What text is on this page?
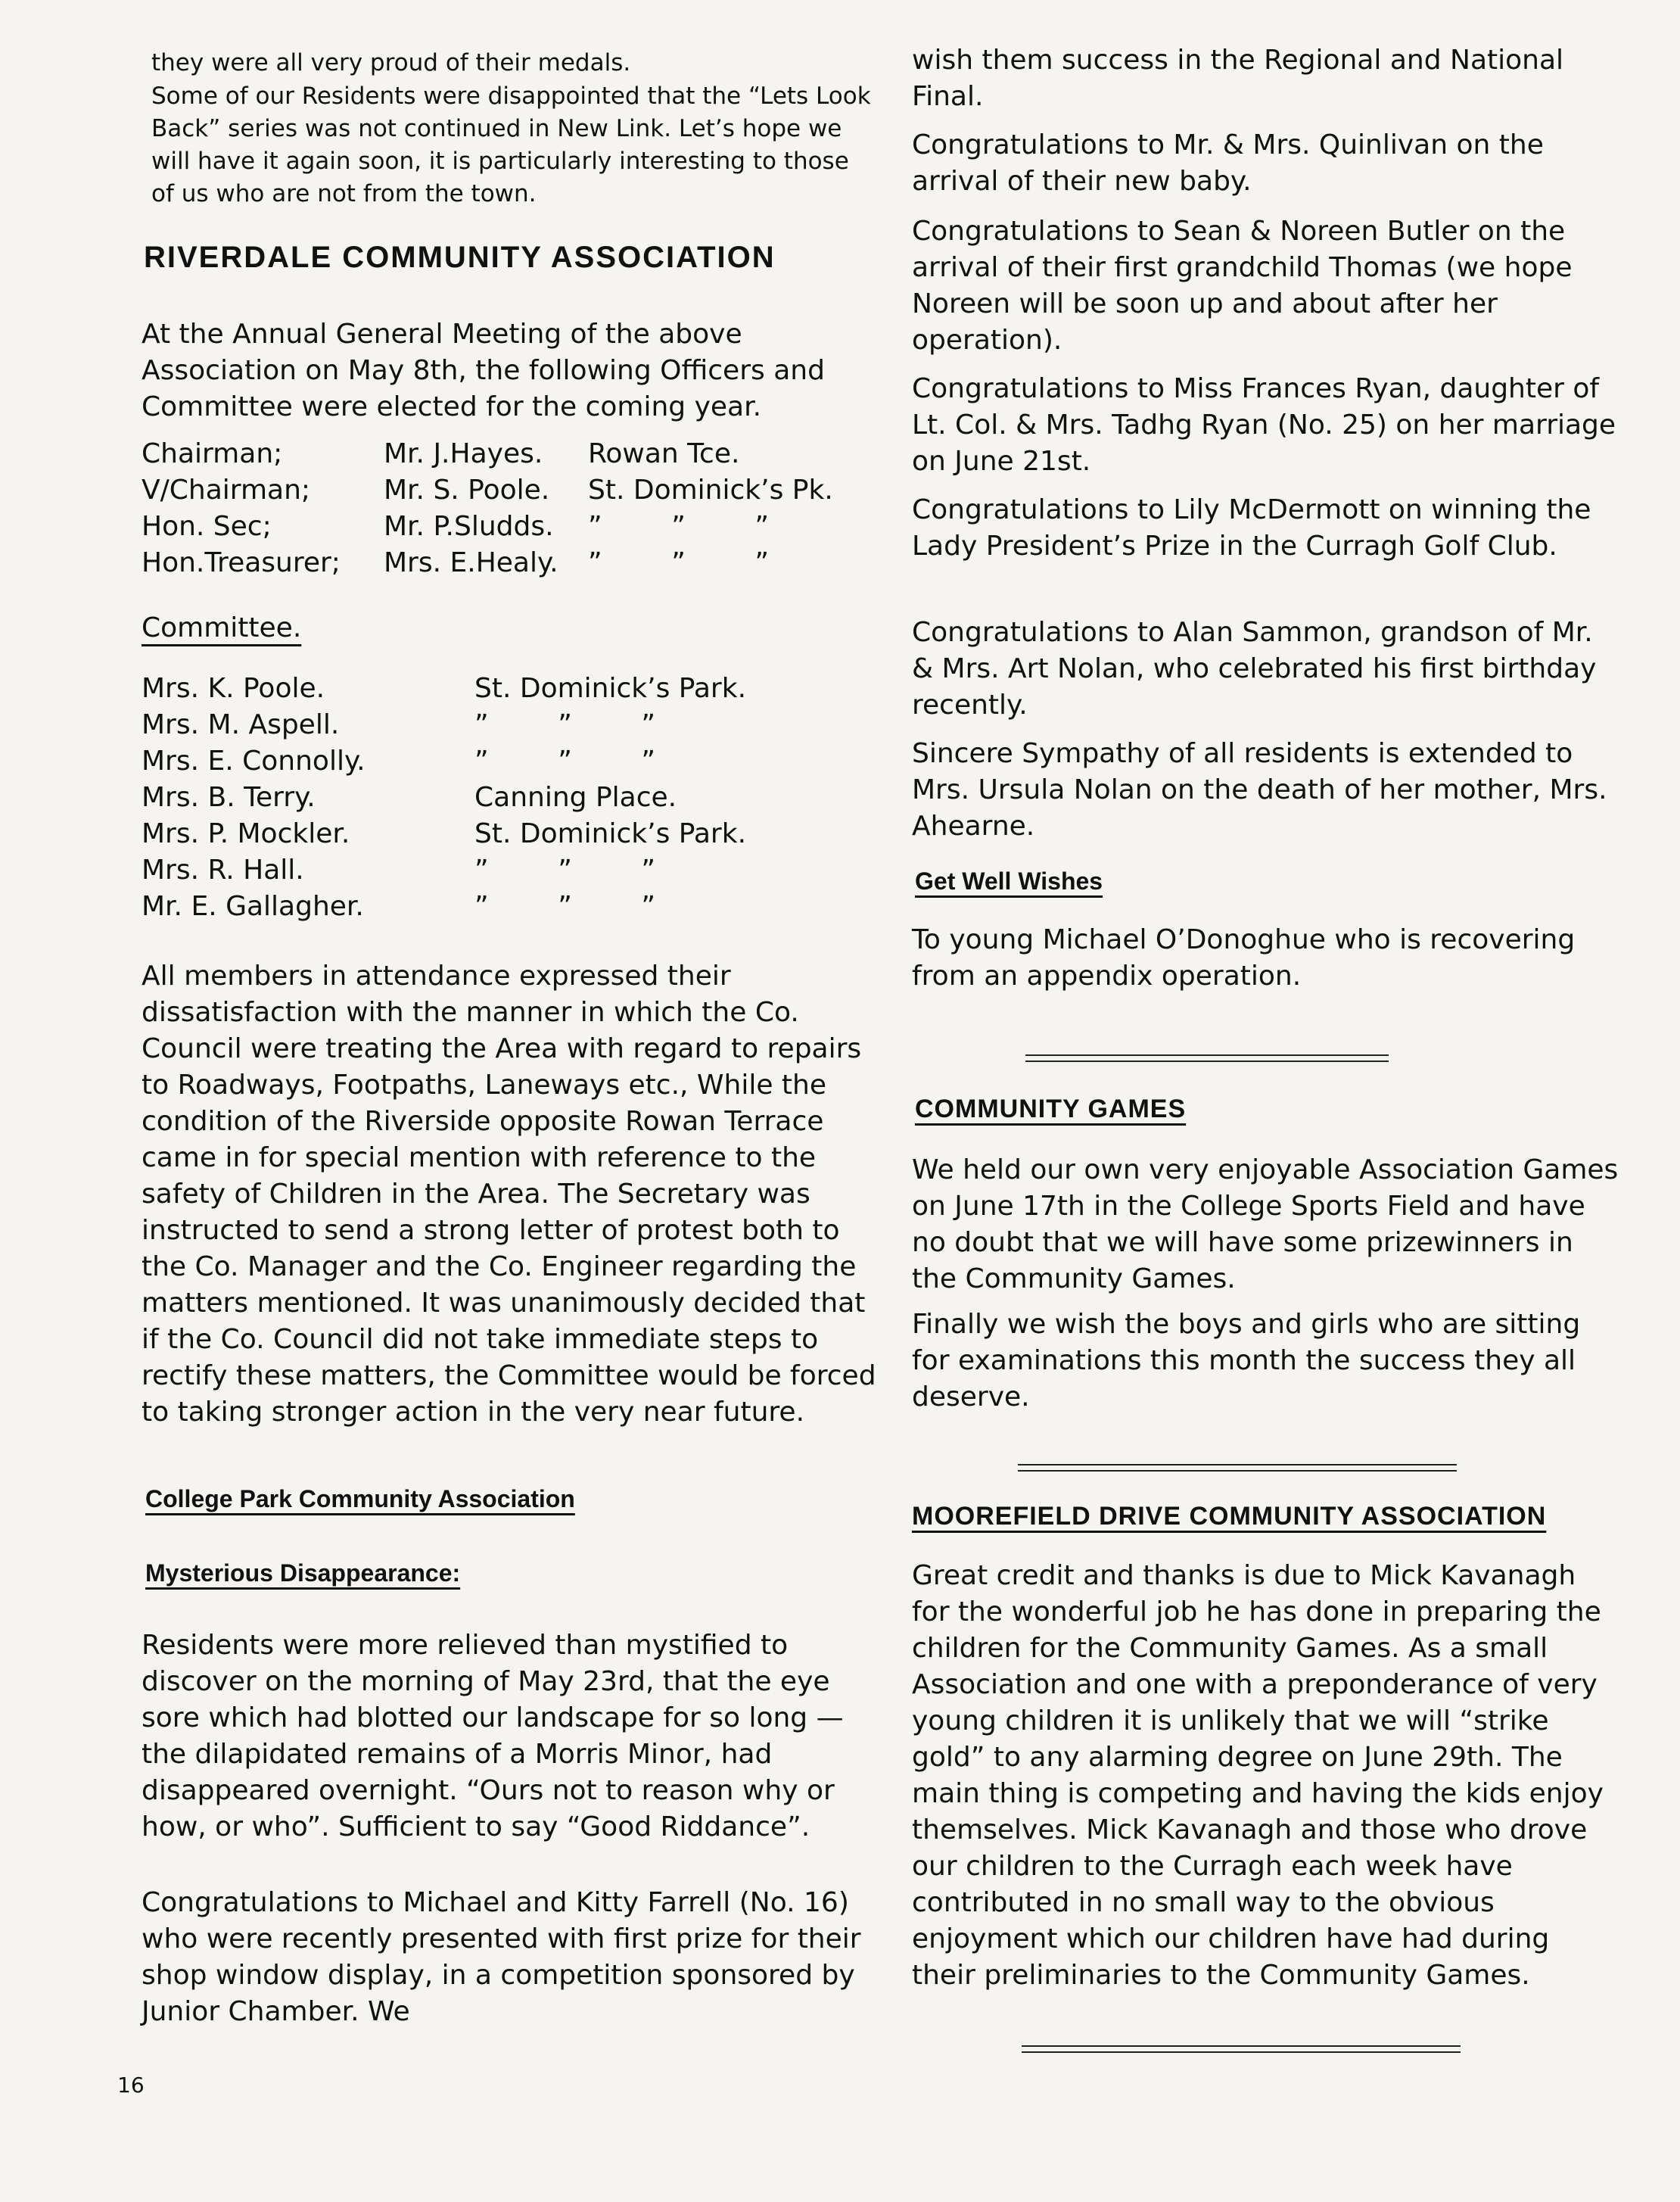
they were all very proud of their medals.

Some of our Residents were disappointed that the “Lets Look Back” series was not continued in New Link. Let’s hope we will have it again soon, it is particularly interesting to those of us who are not from the town.

RIVERDALE COMMUNITY ASSOCIATION

At the Annual General Meeting of the above Association on May 8th, the following Officers and Committee were elected for the coming year.

Chairman;	Mr. J.Hayes.	Rowan Tce.
V/Chairman;	Mr. S. Poole.	St. Dominick’s Pk.
Hon. Sec;	Mr. P.Sludds.	”        ”        ”
Hon.Treasurer;	Mrs. E.Healy.	”        ”        ”

Committee.

Mrs. K. Poole.	St. Dominick’s Park.
Mrs. M. Aspell.	”        ”        ”
Mrs. E. Connolly.	”        ”        ”
Mrs. B. Terry.	Canning Place.
Mrs. P. Mockler.	St. Dominick’s Park.
Mrs. R. Hall.	”        ”        ”
Mr. E. Gallagher.	”        ”        ”

All members in attendance expressed their dissatisfaction with the manner in which the Co. Council were treating the Area with regard to repairs to Roadways, Footpaths, Laneways etc., While the condition of the Riverside opposite Rowan Terrace came in for special mention with reference to the safety of Children in the Area. The Secretary was instructed to send a strong letter of protest both to the Co. Manager and the Co. Engineer regarding the matters mentioned. It was unanimously decided that if the Co. Council did not take immediate steps to rectify these matters, the Committee would be forced to taking stronger action in the very near future.

College Park Community Association

Mysterious Disappearance:

Residents were more relieved than mystified to discover on the morning of May 23rd, that the eye sore which had blotted our landscape for so long — the dilapidated remains of a Morris Minor, had disappeared overnight. “Ours not to reason why or how, or who”. Sufficient to say “Good Riddance”.

Congratulations to Michael and Kitty Farrell (No. 16) who were recently presented with first prize for their shop window display, in a competition sponsored by Junior Chamber. We

16

wish them success in the Regional and National Final.

Congratulations to Mr. & Mrs. Quinlivan on the arrival of their new baby.

Congratulations to Sean & Noreen Butler on the arrival of their first grandchild Thomas (we hope Noreen will be soon up and about after her operation).

Congratulations to Miss Frances Ryan, daughter of Lt. Col. & Mrs. Tadhg Ryan (No. 25) on her marriage on June 21st.

Congratulations to Lily McDermott on winning the Lady President’s Prize in the Curragh Golf Club.

Congratulations to Alan Sammon, grandson of Mr. & Mrs. Art Nolan, who celebrated his first birthday recently.

Sincere Sympathy of all residents is extended to Mrs. Ursula Nolan on the death of her mother, Mrs. Ahearne.

Get Well Wishes

To young Michael O’Donoghue who is recovering from an appendix operation.

COMMUNITY GAMES

We held our own very enjoyable Association Games on June 17th in the College Sports Field and have no doubt that we will have some prizewinners in the Community Games.

Finally we wish the boys and girls who are sitting for examinations this month the success they all deserve.

MOOREFIELD DRIVE COMMUNITY ASSOCIATION

Great credit and thanks is due to Mick Kavanagh for the wonderful job he has done in preparing the children for the Community Games. As a small Association and one with a preponderance of very young children it is unlikely that we will “strike gold” to any alarming degree on June 29th. The main thing is competing and having the kids enjoy themselves. Mick Kavanagh and those who drove our children to the Curragh each week have contributed in no small way to the obvious enjoyment which our children have had during their preliminaries to the Community Games.
